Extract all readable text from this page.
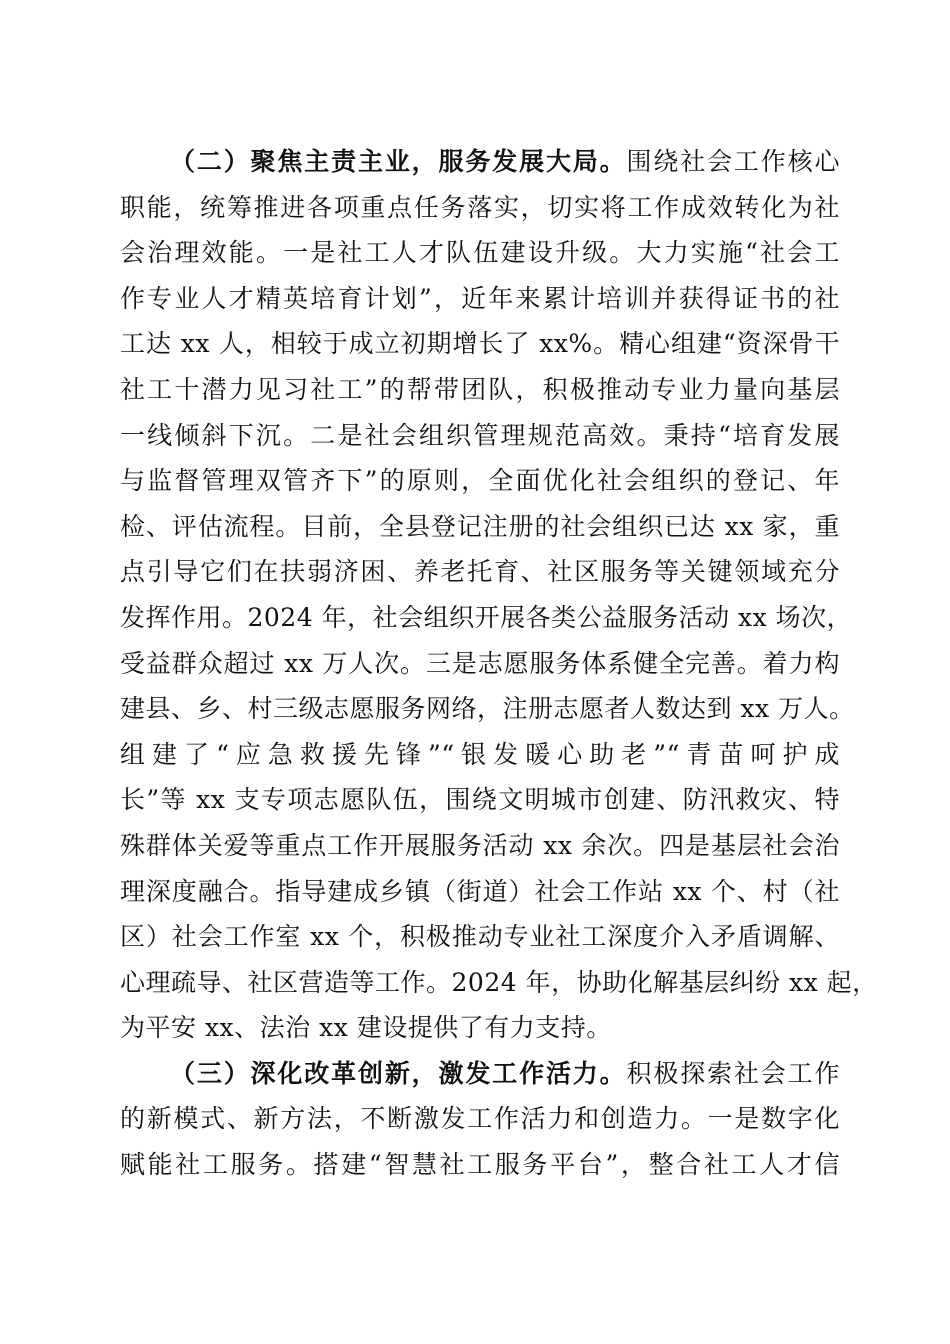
（二）聚焦主责主业，服务发展大局。围绕社会工作核心
职能，统筹推进各项重点任务落实，切实将工作成效转化为社
会治理效能。一是社工人才队伍建设升级。大力实施“社会工
作专业人才精英培育计划”，近年来累计培训并获得证书的社
工达 xx 人，相较于成立初期增长了 xx%。精心组建“资深骨干
社工十潜力见习社工”的帮带团队，积极推动专业力量向基层
一线倾斜下沉。二是社会组织管理规范高效。秉持“培育发展
与监督管理双管齐下”的原则，全面优化社会组织的登记、年
检、评估流程。目前，全县登记注册的社会组织已达 xx 家，重
点引导它们在扶弱济困、养老托育、社区服务等关键领域充分
发挥作用。2024 年，社会组织开展各类公益服务活动 xx 场次，
受益群众超过 xx 万人次。三是志愿服务体系健全完善。着力构
建县、乡、村三级志愿服务网络，注册志愿者人数达到 xx 万人。
组建了“应急救援先锋”“银发暖心助老”“青苗呵护成
长”等 xx 支专项志愿队伍，围绕文明城市创建、防汛救灾、特
殊群体关爱等重点工作开展服务活动 xx 余次。四是基层社会治
理深度融合。指导建成乡镇（街道）社会工作站 xx 个、村（社
区）社会工作室 xx 个，积极推动专业社工深度介入矛盾调解、
心理疏导、社区营造等工作。2024 年，协助化解基层纠纷 xx 起，
为平安 xx、法治 xx 建设提供了有力支持。
（三）深化改革创新，激发工作活力。积极探索社会工作
的新模式、新方法，不断激发工作活力和创造力。一是数字化
赋能社工服务。搭建“智慧社工服务平台”，整合社工人才信
